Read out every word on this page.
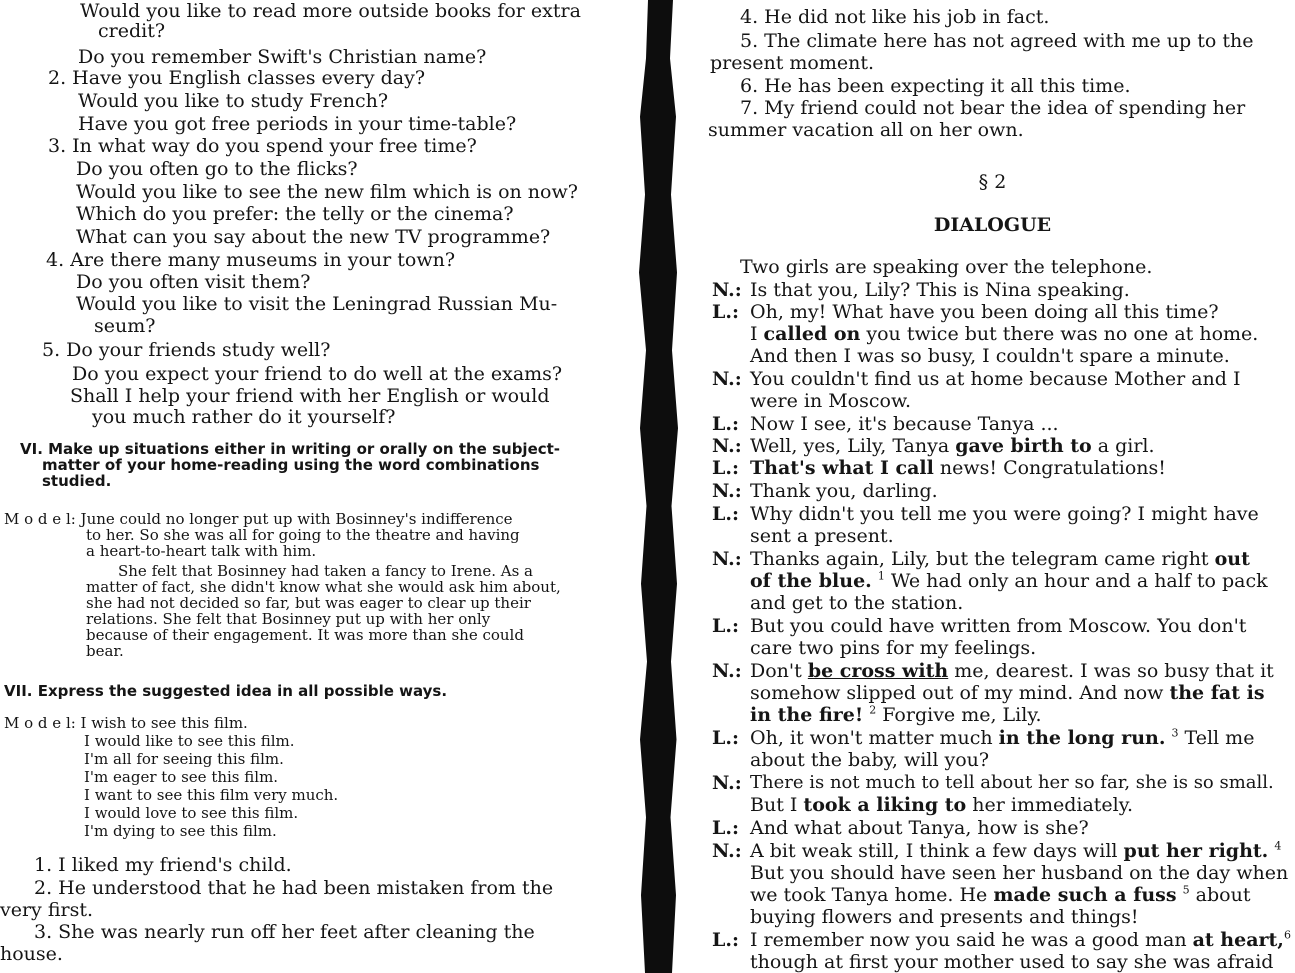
Would you like to read more outside books for extra
credit?
Do you remember Swift's Christian name?
2. Have you English classes every day?
Would you like to study French?
Have you got free periods in your time-table?
3. In what way do you spend your free time?
Do you often go to the flicks?
Would you like to see the new film which is on now?
Which do you prefer: the telly or the cinema?
What can you say about the new TV programme?
4. Are there many museums in your town?
Do you often visit them?
Would you like to visit the Leningrad Russian Mu-
seum?
5. Do your friends study well?
Do you expect your friend to do well at the exams?
Shall I help your friend with her English or would
you much rather do it yourself?
VI. Make up situations either in writing or orally on the subject-
matter of your home-reading using the word combinations
studied.
M o d e l: June could no longer put up with Bosinney's indifference
to her. So she was all for going to the theatre and having
a heart-to-heart talk with him.
She felt that Bosinney had taken a fancy to Irene. As a
matter of fact, she didn't know what she would ask him about,
she had not decided so far, but was eager to clear up their
relations. She felt that Bosinney put up with her only
because of their engagement. It was more than she could
bear.
VII. Express the suggested idea in all possible ways.
M o d e l: I wish to see this film.
I would like to see this film.
I'm all for seeing this film.
I'm eager to see this film.
I want to see this film very much.
I would love to see this film.
I'm dying to see this film.
1. I liked my friend's child.
2. He understood that he had been mistaken from the
very first.
3. She was nearly run off her feet after cleaning the
house.
4. He did not like his job in fact.
5. The climate here has not agreed with me up to the
present moment.
6. He has been expecting it all this time.
7. My friend could not bear the idea of spending her
summer vacation all on her own.
§ 2
DIALOGUE
Two girls are speaking over the telephone.
N.: Is that you, Lily? This is Nina speaking.
L.: Oh, my! What have you been doing all this time?
I called on you twice but there was no one at home.
And then I was so busy, I couldn't spare a minute.
N.: You couldn't find us at home because Mother and I
were in Moscow.
L.: Now I see, it's because Tanya ...
N.: Well, yes, Lily, Tanya gave birth to a girl.
L.: That's what I call news! Congratulations!
N.: Thank you, darling.
L.: Why didn't you tell me you were going? I might have
sent a present.
N.: Thanks again, Lily, but the telegram came right out
of the blue. $^1$ We had only an hour and a half to pack
and get to the station.
L.: But you could have written from Moscow. You don't
care two pins for my feelings.
N.: Don't be cross with me, dearest. I was so busy that it
somehow slipped out of my mind. And now the fat is
in the fire! $^2$ Forgive me, Lily.
L.: Oh, it won't matter much in the long run. $^3$ Tell me
about the baby, will you?
N.: There is not much to tell about her so far, she is so small.
But I took a liking to her immediately.
L.: And what about Tanya, how is she?
N.: A bit weak still, I think a few days will put her right. $^4$
But you should have seen her husband on the day when
we took Tanya home. He made such a fuss $^5$ about
buying flowers and presents and things!
L.: I remember now you said he was a good man at heart,$^6$
though at first your mother used to say she was afraid
